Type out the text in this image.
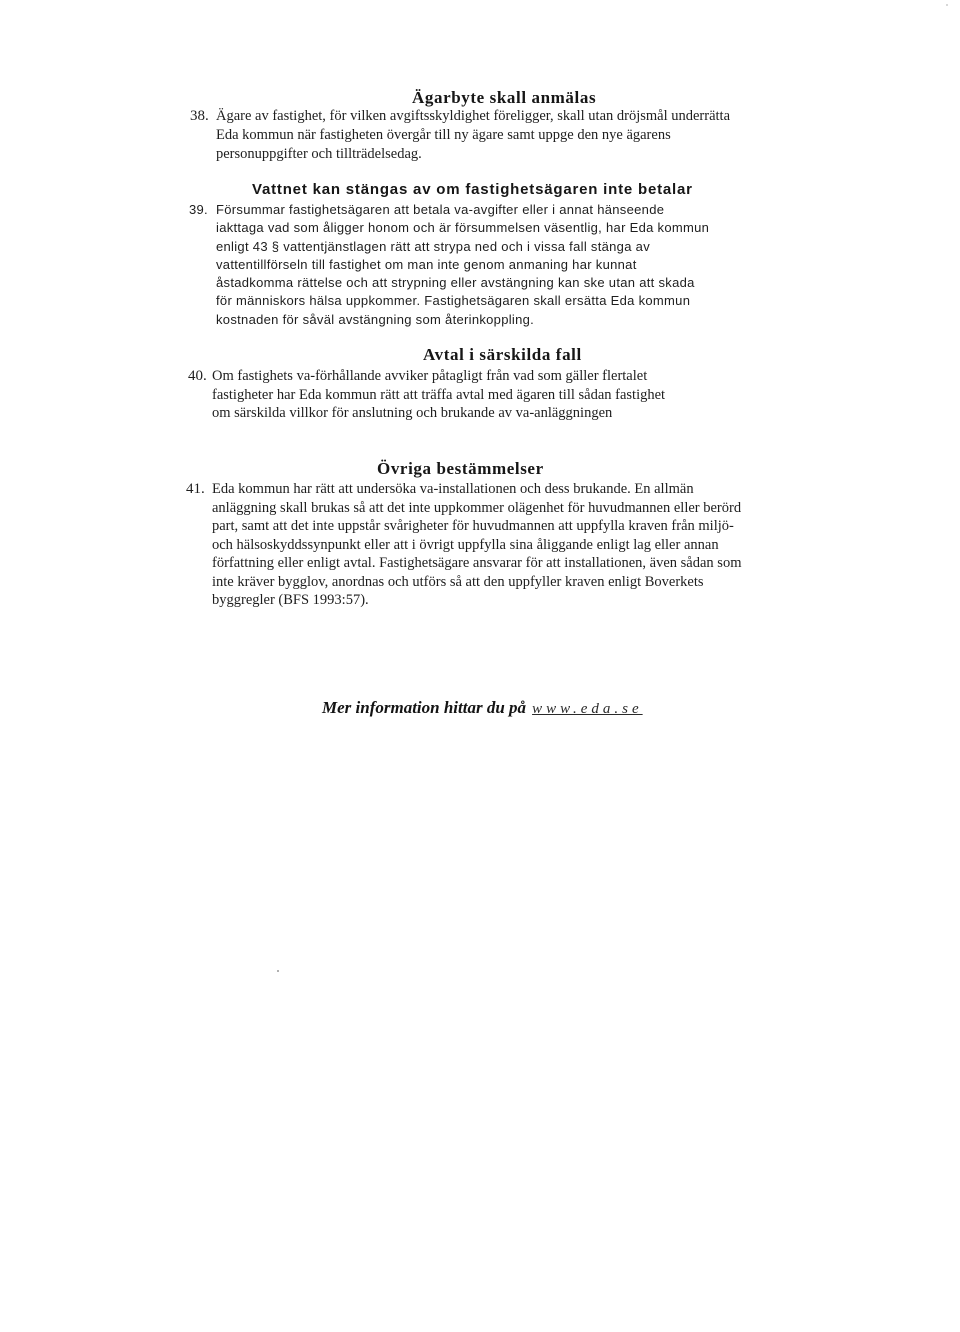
Ägarbyte skall anmälas
38. Ägare av fastighet, för vilken avgiftsskyldighet föreligger, skall utan dröjsmål underrätta
Eda kommun när fastigheten övergår till ny ägare samt uppge den nye ägarens
personuppgifter och tillträdelsedag.
Vattnet kan stängas av om fastighetsägaren inte betalar
39. Försummar fastighetsägaren att betala va-avgifter eller i annat hänseende
iakttaga vad som åligger honom och är försummelsen väsentlig, har Eda kommun
enligt 43 § vattentjänstlagen rätt att strypa ned och i vissa fall stänga av
vattentillförseln till fastighet om man inte genom anmaning har kunnat
åstadkomma rättelse och att strypning eller avstängning kan ske utan att skada
för människors hälsa uppkommer. Fastighetsägaren skall ersätta Eda kommun
kostnaden för såväl avstängning som återinkoppling.
Avtal i särskilda fall
40. Om fastighets va-förhållande avviker påtagligt från vad som gäller flertalet
fastigheter har Eda kommun rätt att träffa avtal med ägaren till sådan fastighet
om särskilda villkor för anslutning och brukande av va-anläggningen
Övriga bestämmelser
41. Eda kommun har rätt att undersöka va-installationen och dess brukande. En allmän
anläggning skall brukas så att det inte uppkommer olägenhet för huvudmannen eller berörd
part, samt att det inte uppstår svårigheter för huvudmannen att uppfylla kraven från miljö-
och hälsoskyddssynpunkt eller att i övrigt uppfylla sina åliggande enligt lag eller annan
författning eller enligt avtal. Fastighetsägare ansvarar för att installationen, även sådan som
inte kräver bygglov, anordnas och utförs så att den uppfyller kraven enligt Boverkets
byggregler (BFS 1993:57).
Mer information hittar du på www.eda.se
